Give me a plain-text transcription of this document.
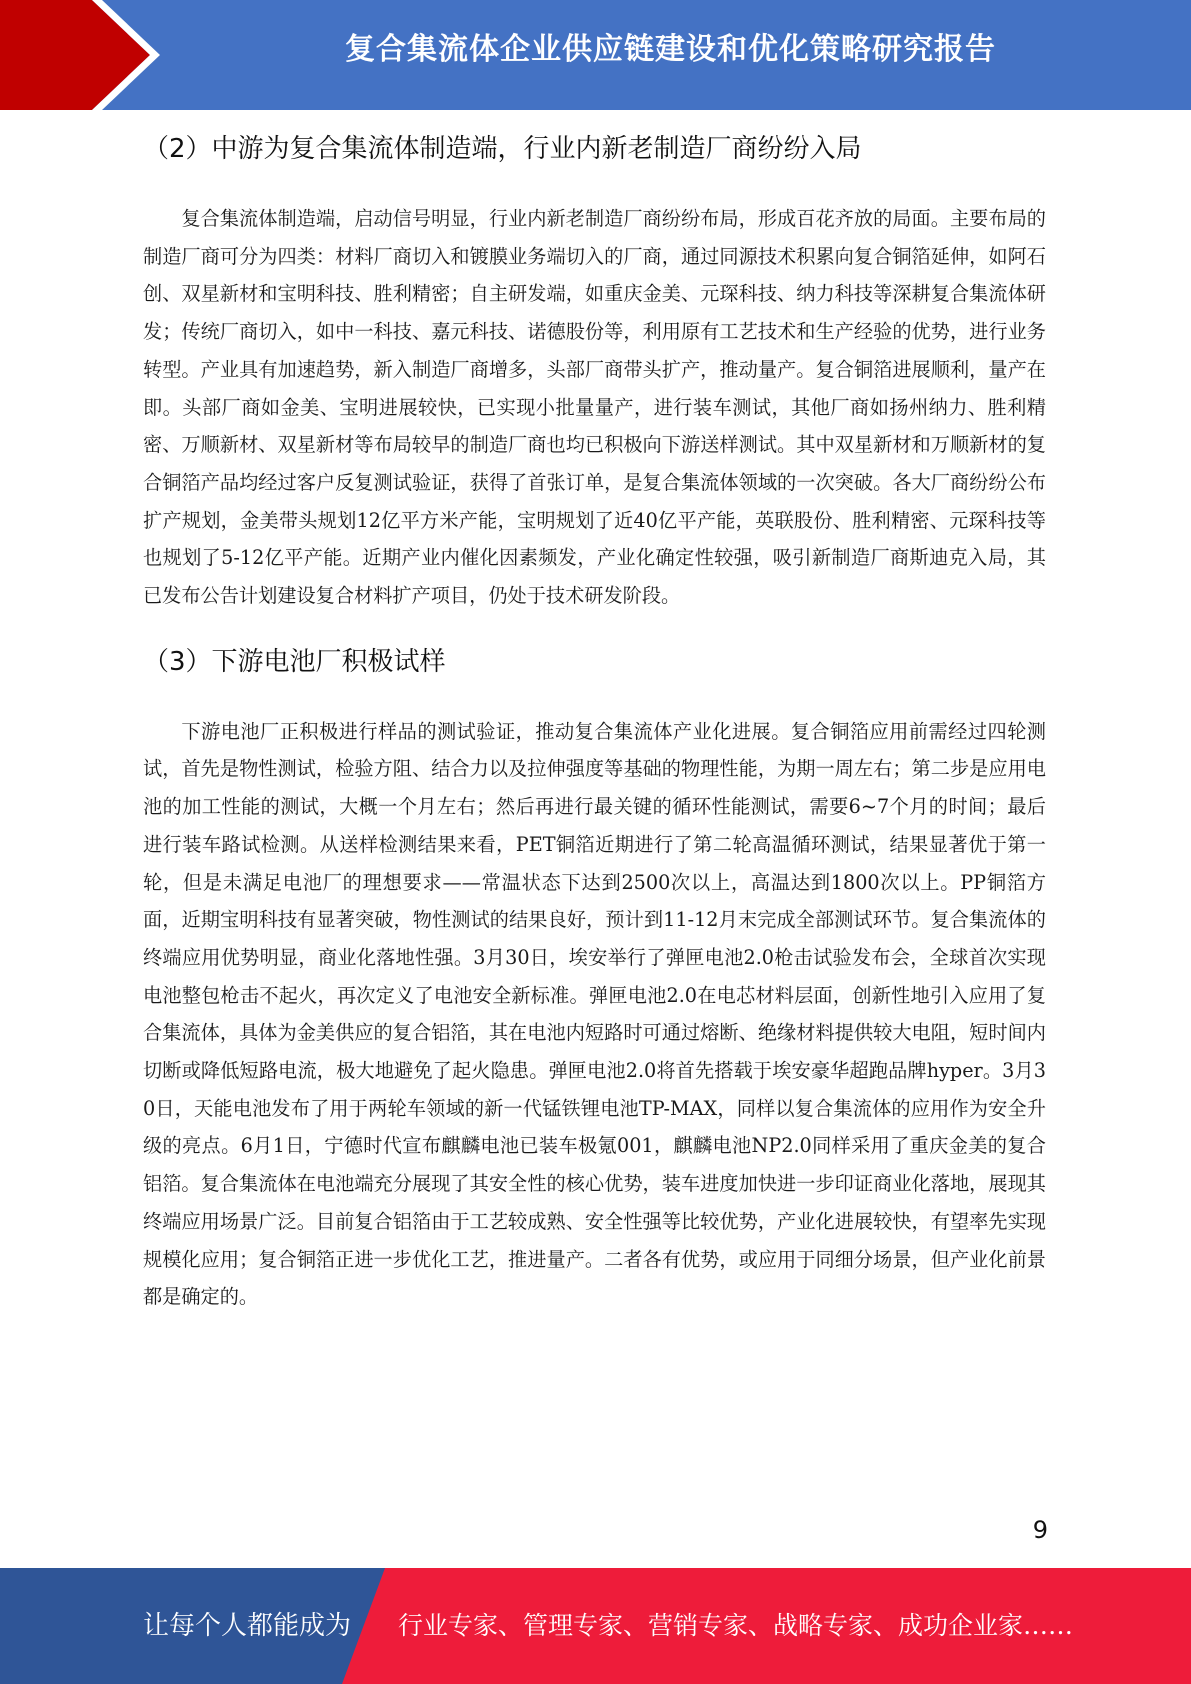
复合集流体企业供应链建设和优化策略研究报告
（2）中游为复合集流体制造端，行业内新老制造厂商纷纷入局

复合集流体制造端，启动信号明显，行业内新老制造厂商纷纷布局，形成百花齐放的局面。主要布局的制造厂商可分为四类：材料厂商切入和镀膜业务端切入的厂商，通过同源技术积累向复合铜箔延伸，如阿石创、双星新材和宝明科技、胜利精密；自主研发端，如重庆金美、元琛科技、纳力科技等深耕复合集流体研发；传统厂商切入，如中一科技、嘉元科技、诺德股份等，利用原有工艺技术和生产经验的优势，进行业务转型。产业具有加速趋势，新入制造厂商增多，头部厂商带头扩产，推动量产。复合铜箔进展顺利，量产在即。头部厂商如金美、宝明进展较快，已实现小批量量产，进行装车测试，其他厂商如扬州纳力、胜利精密、万顺新材、双星新材等布局较早的制造厂商也均已积极向下游送样测试。其中双星新材和万顺新材的复合铜箔产品均经过客户反复测试验证，获得了首张订单，是复合集流体领域的一次突破。各大厂商纷纷公布扩产规划，金美带头规划12亿平方米产能，宝明规划了近40亿平产能，英联股份、胜利精密、元琛科技等也规划了5-12亿平产能。近期产业内催化因素频发，产业化确定性较强，吸引新制造厂商斯迪克入局，其已发布公告计划建设复合材料扩产项目，仍处于技术研发阶段。

（3）下游电池厂积极试样

下游电池厂正积极进行样品的测试验证，推动复合集流体产业化进展。复合铜箔应用前需经过四轮测试，首先是物性测试，检验方阻、结合力以及拉伸强度等基础的物理性能，为期一周左右；第二步是应用电池的加工性能的测试，大概一个月左右；然后再进行最关键的循环性能测试，需要6~7个月的时间；最后进行装车路试检测。从送样检测结果来看，PET铜箔近期进行了第二轮高温循环测试，结果显著优于第一轮，但是未满足电池厂的理想要求——常温状态下达到2500次以上，高温达到1800次以上。PP铜箔方面，近期宝明科技有显著突破，物性测试的结果良好，预计到11-12月末完成全部测试环节。复合集流体的终端应用优势明显，商业化落地性强。3月30日，埃安举行了弹匣电池2.0枪击试验发布会，全球首次实现电池整包枪击不起火，再次定义了电池安全新标准。弹匣电池2.0在电芯材料层面，创新性地引入应用了复合集流体，具体为金美供应的复合铝箔，其在电池内短路时可通过熔断、绝缘材料提供较大电阻，短时间内切断或降低短路电流，极大地避免了起火隐患。弹匣电池2.0将首先搭载于埃安豪华超跑品牌hyper。3月30日，天能电池发布了用于两轮车领域的新一代锰铁锂电池TP-MAX，同样以复合集流体的应用作为安全升级的亮点。6月1日，宁德时代宣布麒麟电池已装车极氪001，麒麟电池NP2.0同样采用了重庆金美的复合铝箔。复合集流体在电池端充分展现了其安全性的核心优势，装车进度加快进一步印证商业化落地，展现其终端应用场景广泛。目前复合铝箔由于工艺较成熟、安全性强等比较优势，产业化进展较快，有望率先实现规模化应用；复合铜箔正进一步优化工艺，推进量产。二者各有优势，或应用于同细分场景，但产业化前景都是确定的。

9
让每个人都能成为 行业专家、管理专家、营销专家、战略专家、成功企业家……
